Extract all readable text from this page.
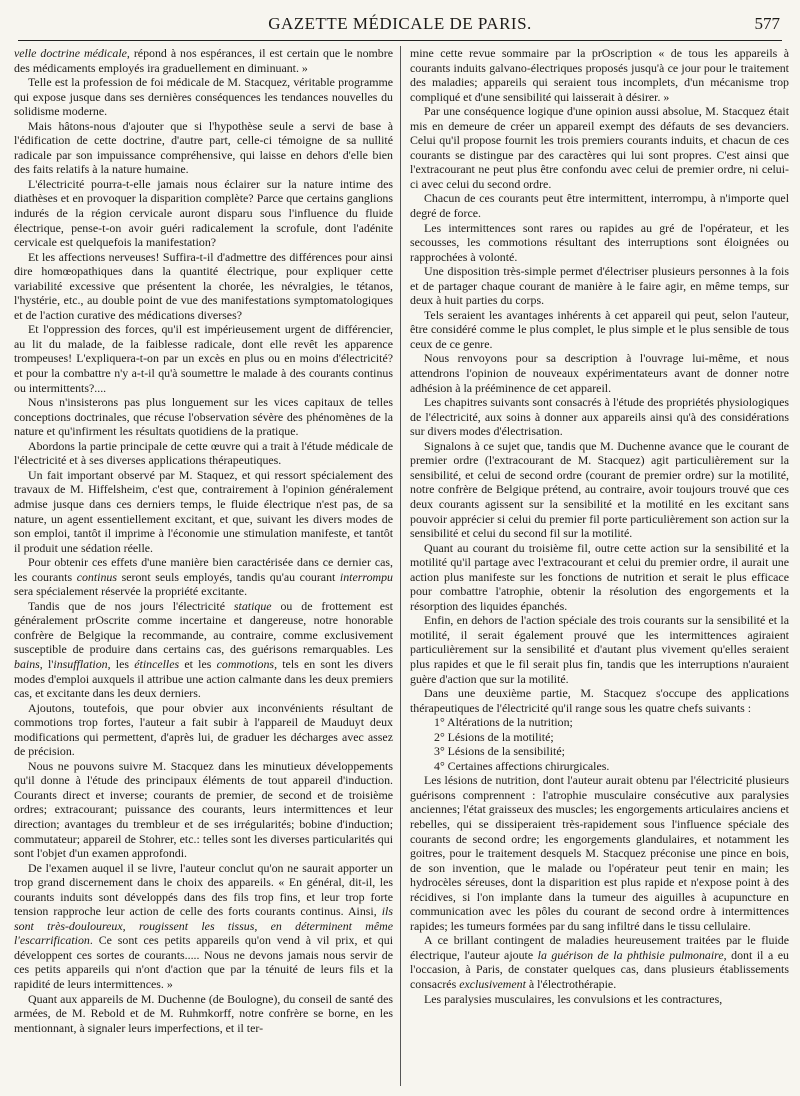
GAZETTE MÉDICALE DE PARIS.	577

velle doctrine médicale, répond à nos espérances, il est certain que le nombre des médicaments employés ira graduellement en diminuant. »

Telle est la profession de foi médicale de M. Stacquez, véritable programme qui expose jusque dans ses dernières conséquences les tendances nouvelles du solidisme moderne.

Mais hâtons-nous d'ajouter que si l'hypothèse seule a servi de base à l'édification de cette doctrine, d'autre part, celle-ci témoigne de sa nullité radicale par son impuissance compréhensive, qui laisse en dehors d'elle bien des faits relatifs à la nature humaine.

L'électricité pourra-t-elle jamais nous éclairer sur la nature intime des diathèses et en provoquer la disparition complète? Parce que certains ganglions indurés de la région cervicale auront disparu sous l'influence du fluide électrique, pense-t-on avoir guéri radicalement la scrofule, dont l'adénite cervicale est quelquefois la manifestation?

Et les affections nerveuses! Suffira-t-il d'admettre des différences pour ainsi dire homœopathiques dans la quantité électrique, pour expliquer cette variabilité excessive que présentent la chorée, les névralgies, le tétanos, l'hystérie, etc., au double point de vue des manifestations symptomatologiques et de l'action curative des médications diverses?

Et l'oppression des forces, qu'il est impérieusement urgent de différencier, au lit du malade, de la faiblesse radicale, dont elle revêt les apparence trompeuses! L'expliquera-t-on par un excès en plus ou en moins d'électricité? et pour la combattre n'y a-t-il qu'à soumettre le malade à des courants continus ou intermittents?....

Nous n'insisterons pas plus longuement sur les vices capitaux de telles conceptions doctrinales, que récuse l'observation sévère des phénomènes de la nature et qu'infirment les résultats quotidiens de la pratique.

Abordons la partie principale de cette œuvre qui a trait à l'étude médicale de l'électricité et à ses diverses applications thérapeutiques.

Un fait important observé par M. Staquez, et qui ressort spécialement des travaux de M. Hiffelsheim, c'est que, contrairement à l'opinion généralement admise jusque dans ces derniers temps, le fluide électrique n'est pas, de sa nature, un agent essentiellement excitant, et que, suivant les divers modes de son emploi, tantôt il imprime à l'économie une stimulation manifeste, et tantôt il produit une sédation réelle.

Pour obtenir ces effets d'une manière bien caractérisée dans ce dernier cas, les courants continus seront seuls employés, tandis qu'au courant interrompu sera spécialement réservée la propriété excitante.

Tandis que de nos jours l'électricité statique ou de frottement est généralement prOscrite comme incertaine et dangereuse, notre honorable confrère de Belgique la recommande, au contraire, comme exclusivement susceptible de produire dans certains cas, des guérisons remarquables. Les bains, l'insufflation, les étincelles et les commotions, tels en sont les divers modes d'emploi auxquels il attribue une action calmante dans les deux premiers cas, et excitante dans les deux derniers.

Ajoutons, toutefois, que pour obvier aux inconvénients résultant de commotions trop fortes, l'auteur a fait subir à l'appareil de Mauduyt deux modifications qui permettent, d'après lui, de graduer les décharges avec assez de précision.

Nous ne pouvons suivre M. Stacquez dans les minutieux développements qu'il donne à l'étude des principaux éléments de tout appareil d'induction. Courants direct et inverse; courants de premier, de second et de troisième ordres; extracourant; puissance des courants, leurs intermittences et leur direction; avantages du trembleur et de ses irrégularités; bobine d'induction; commutateur; appareil de Stohrer, etc.: telles sont les diverses particularités qui sont l'objet d'un examen approfondi.

De l'examen auquel il se livre, l'auteur conclut qu'on ne saurait apporter un trop grand discernement dans le choix des appareils. « En général, dit-il, les courants induits sont développés dans des fils trop fins, et leur trop forte tension rapproche leur action de celle des forts courants continus. Ainsi, ils sont très-douloureux, rougissent les tissus, en déterminent même l'escarrification. Ce sont ces petits appareils qu'on vend à vil prix, et qui développent ces sortes de courants..... Nous ne devons jamais nous servir de ces petits appareils qui n'ont d'action que par la ténuité de leurs fils et la rapidité de leurs intermittences. »

Quant aux appareils de M. Duchenne (de Boulogne), du conseil de santé des armées, de M. Rebold et de M. Ruhmkorff, notre confrère se borne, en les mentionnant, à signaler leurs imperfections, et il ter-

mine cette revue sommaire par la prOscription « de tous les appareils à courants induits galvano-électriques proposés jusqu'à ce jour pour le traitement des maladies; appareils qui seraient tous incomplets, d'un mécanisme trop compliqué et d'une sensibilité qui laisserait à désirer. »

Par une conséquence logique d'une opinion aussi absolue, M. Stacquez était mis en demeure de créer un appareil exempt des défauts de ses devanciers. Celui qu'il propose fournit les trois premiers courants induits, et chacun de ces courants se distingue par des caractères qui lui sont propres. C'est ainsi que l'extracourant ne peut plus être confondu avec celui de premier ordre, ni celui-ci avec celui du second ordre.

Chacun de ces courants peut être intermittent, interrompu, à n'importe quel degré de force.

Les intermittences sont rares ou rapides au gré de l'opérateur, et les secousses, les commotions résultant des interruptions sont éloignées ou rapprochées à volonté.

Une disposition très-simple permet d'électriser plusieurs personnes à la fois et de partager chaque courant de manière à le faire agir, en même temps, sur deux à huit parties du corps.

Tels seraient les avantages inhérents à cet appareil qui peut, selon l'auteur, être considéré comme le plus complet, le plus simple et le plus sensible de tous ceux de ce genre.

Nous renvoyons pour sa description à l'ouvrage lui-même, et nous attendrons l'opinion de nouveaux expérimentateurs avant de donner notre adhésion à la prééminence de cet appareil.

Les chapitres suivants sont consacrés à l'étude des propriétés physiologiques de l'électricité, aux soins à donner aux appareils ainsi qu'à des considérations sur divers modes d'électrisation.

Signalons à ce sujet que, tandis que M. Duchenne avance que le courant de premier ordre (l'extracourant de M. Stacquez) agit particulièrement sur la sensibilité, et celui de second ordre (courant de premier ordre) sur la motilité, notre confrère de Belgique prétend, au contraire, avoir toujours trouvé que ces deux courants agissent sur la sensibilité et la motilité en les excitant sans pouvoir apprécier si celui du premier fil porte particulièrement son action sur la sensibilité et celui du second fil sur la motilité.

Quant au courant du troisième fil, outre cette action sur la sensibilité et la motilité qu'il partage avec l'extracourant et celui du premier ordre, il aurait une action plus manifeste sur les fonctions de nutrition et serait le plus efficace pour combattre l'atrophie, obtenir la résolution des engorgements et la résorption des liquides épanchés.

Enfin, en dehors de l'action spéciale des trois courants sur la sensibilité et la motilité, il serait également prouvé que les intermittences agiraient particulièrement sur la sensibilité et d'autant plus vivement qu'elles seraient plus rapides et que le fil serait plus fin, tandis que les interruptions n'auraient guère d'action que sur la motilité.

Dans une deuxième partie, M. Stacquez s'occupe des applications thérapeutiques de l'électricité qu'il range sous les quatre chefs suivants :

1° Altérations de la nutrition;
2° Lésions de la motilité;
3° Lésions de la sensibilité;
4° Certaines affections chirurgicales.

Les lésions de nutrition, dont l'auteur aurait obtenu par l'électricité plusieurs guérisons comprennent : l'atrophie musculaire consécutive aux paralysies anciennes; l'état graisseux des muscles; les engorgements articulaires anciens et rebelles, qui se dissiperaient très-rapidement sous l'influence spéciale des courants de second ordre; les engorgements glandulaires, et notamment les goitres, pour le traitement desquels M. Stacquez préconise une pince en bois, de son invention, que le malade ou l'opérateur peut tenir en main; les hydrocèles séreuses, dont la disparition est plus rapide et n'expose point à des récidives, si l'on implante dans la tumeur des aiguilles à acupuncture en communication avec les pôles du courant de second ordre à intermittences rapides; les tumeurs formées par du sang infiltré dans le tissu cellulaire.

A ce brillant contingent de maladies heureusement traitées par le fluide électrique, l'auteur ajoute la guérison de la phthisie pulmonaire, dont il a eu l'occasion, à Paris, de constater quelques cas, dans plusieurs établissements consacrés exclusivement à l'électrothérapie.

Les paralysies musculaires, les convulsions et les contractures,
